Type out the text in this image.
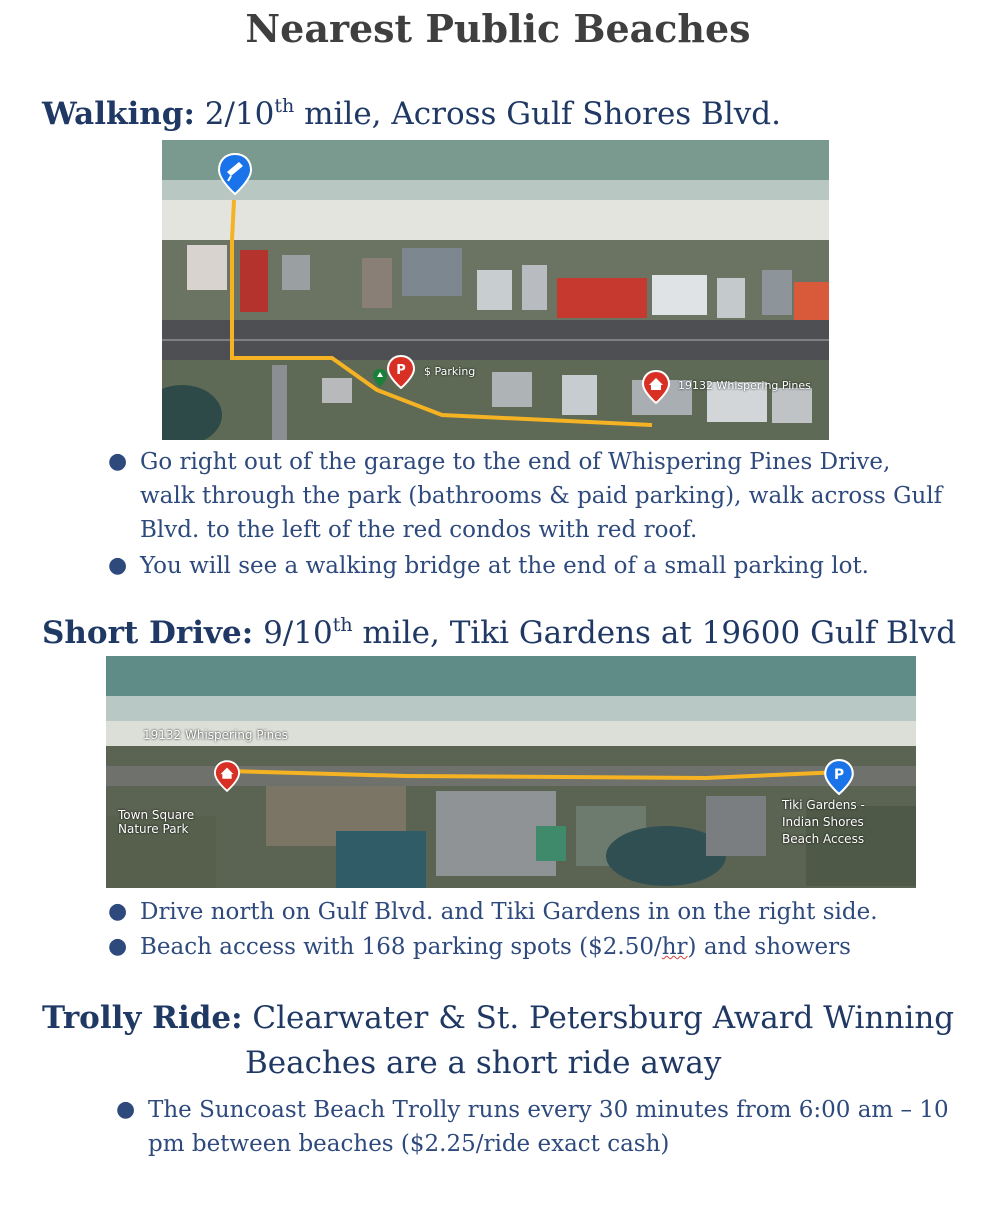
Nearest Public Beaches
Walking: 2/10th mile, Across Gulf Shores Blvd.
P $ Parking
19132 Whispering Pines
● Go right out of the garage to the end of Whispering Pines Drive, walk through the park (bathrooms & paid parking), walk across Gulf Blvd. to the left of the red condos with red roof.
● You will see a walking bridge at the end of a small parking lot.
Short Drive: 9/10th mile, Tiki Gardens at 19600 Gulf Blvd
19132 Whispering Pines
Town Square
Nature Park
P
Tiki Gardens -
Indian Shores
Beach Access
● Drive north on Gulf Blvd. and Tiki Gardens in on the right side.
● Beach access with 168 parking spots ($2.50/hr) and showers
Trolly Ride: Clearwater & St. Petersburg Award Winning
Beaches are a short ride away
● The Suncoast Beach Trolly runs every 30 minutes from 6:00 am – 10 pm between beaches ($2.25/ride exact cash)
